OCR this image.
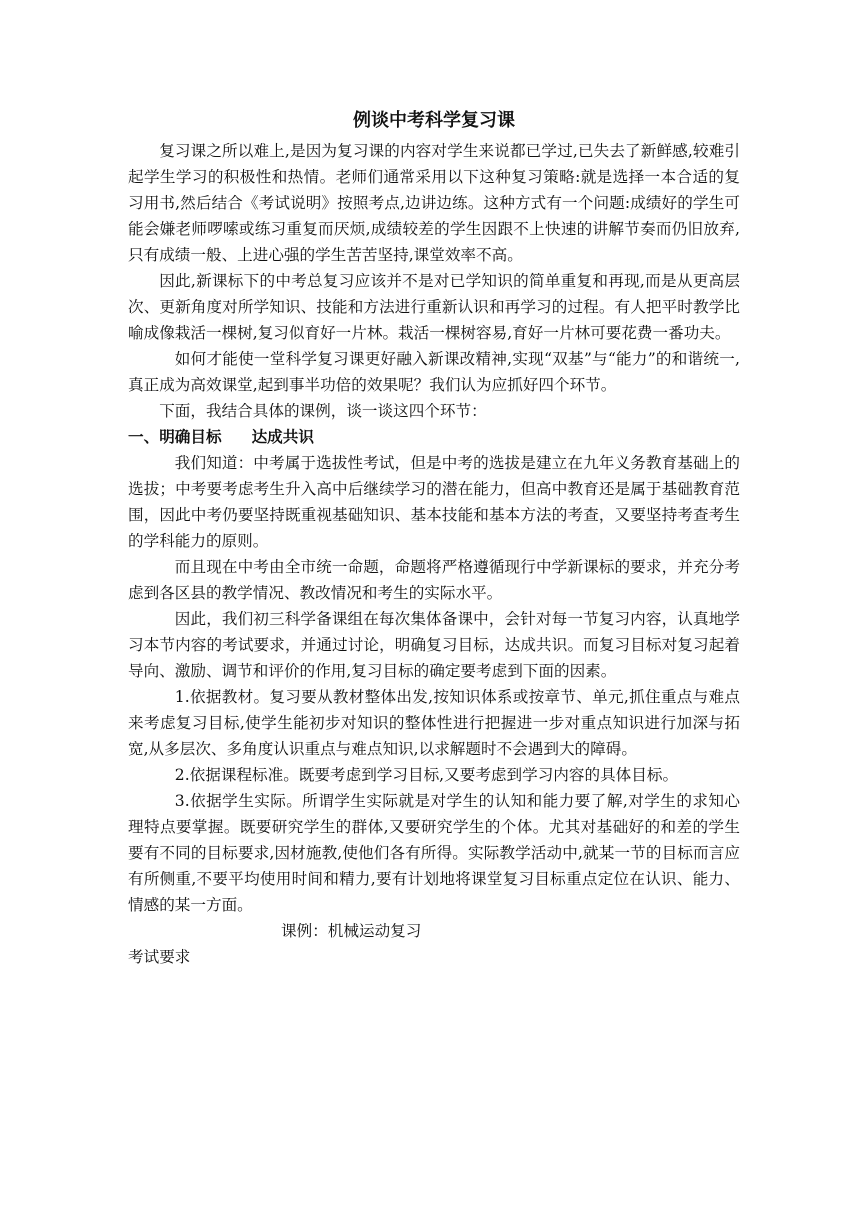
例谈中考科学复习课

复习课之所以难上,是因为复习课的内容对学生来说都已学过,已失去了新鲜感,较难引起学生学习的积极性和热情。老师们通常采用以下这种复习策略:就是选择一本合适的复习用书,然后结合《考试说明》按照考点,边讲边练。这种方式有一个问题:成绩好的学生可能会嫌老师啰嗦或练习重复而厌烦,成绩较差的学生因跟不上快速的讲解节奏而仍旧放弃,只有成绩一般、上进心强的学生苦苦坚持,课堂效率不高。

因此,新课标下的中考总复习应该并不是对已学知识的简单重复和再现,而是从更高层次、更新角度对所学知识、技能和方法进行重新认识和再学习的过程。有人把平时教学比喻成像栽活一棵树,复习似育好一片林。栽活一棵树容易,育好一片林可要花费一番功夫。

如何才能使一堂科学复习课更好融入新课改精神,实现“双基”与“能力”的和谐统一,真正成为高效课堂,起到事半功倍的效果呢？我们认为应抓好四个环节。

下面，我结合具体的课例，谈一谈这四个环节：

一、明确目标 达成共识

我们知道：中考属于选拔性考试，但是中考的选拔是建立在九年义务教育基础上的选拔；中考要考虑考生升入高中后继续学习的潜在能力，但高中教育还是属于基础教育范围，因此中考仍要坚持既重视基础知识、基本技能和基本方法的考查，又要坚持考查考生的学科能力的原则。

而且现在中考由全市统一命题，命题将严格遵循现行中学新课标的要求，并充分考虑到各区县的教学情况、教改情况和考生的实际水平。

因此，我们初三科学备课组在每次集体备课中，会针对每一节复习内容，认真地学习本节内容的考试要求，并通过讨论，明确复习目标，达成共识。而复习目标对复习起着导向、激励、调节和评价的作用,复习目标的确定要考虑到下面的因素。

1.依据教材。复习要从教材整体出发,按知识体系或按章节、单元,抓住重点与难点来考虑复习目标,使学生能初步对知识的整体性进行把握进一步对重点知识进行加深与拓宽,从多层次、多角度认识重点与难点知识,以求解题时不会遇到大的障碍。

2.依据课程标准。既要考虑到学习目标,又要考虑到学习内容的具体目标。

3.依据学生实际。所谓学生实际就是对学生的认知和能力要了解,对学生的求知心理特点要掌握。既要研究学生的群体,又要研究学生的个体。尤其对基础好的和差的学生要有不同的目标要求,因材施教,使他们各有所得。实际教学活动中,就某一节的目标而言应有所侧重,不要平均使用时间和精力,要有计划地将课堂复习目标重点定位在认识、能力、情感的某一方面。

课例：机械运动复习

考试要求
